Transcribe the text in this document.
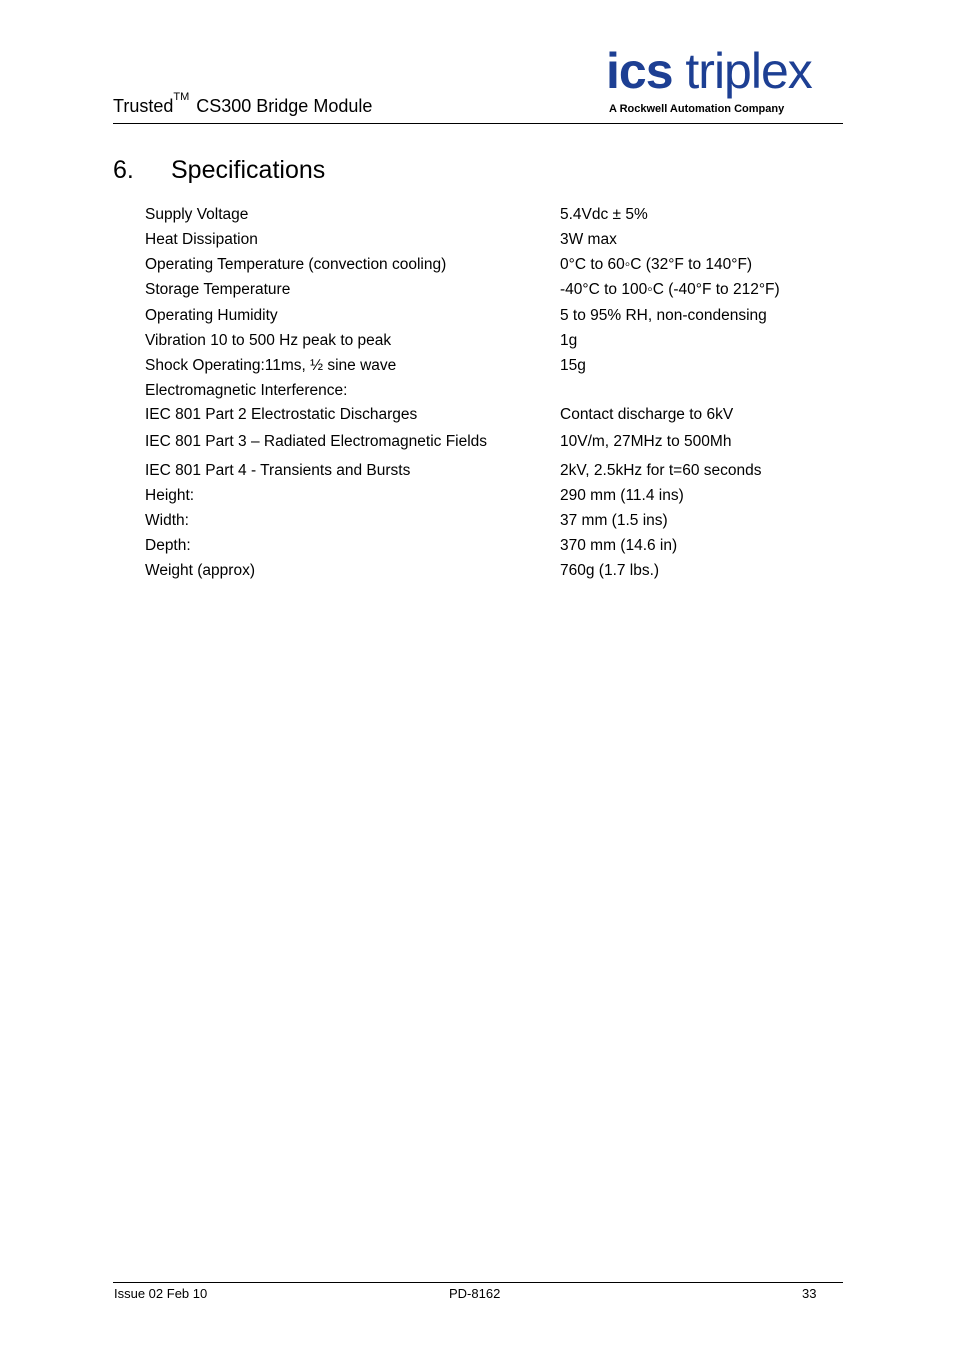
Trusted™ CS300 Bridge Module
ics triplex
A Rockwell Automation Company
6. Specifications
Supply Voltage	5.4Vdc ± 5%
Heat Dissipation	3W max
Operating Temperature (convection cooling)	0°C to 60◦C (32°F to 140°F)
Storage Temperature	-40°C to 100◦C (-40°F to 212°F)
Operating Humidity	5 to 95% RH, non-condensing
Vibration 10 to 500 Hz peak to peak	1g
Shock Operating:11ms, ½ sine wave	15g
Electromagnetic Interference:
IEC 801 Part 2 Electrostatic Discharges	Contact discharge to 6kV
IEC 801 Part 3 – Radiated Electromagnetic Fields	10V/m, 27MHz to 500Mh
IEC 801 Part 4 - Transients and Bursts	2kV, 2.5kHz for t=60 seconds
Height:	290 mm (11.4 ins)
Width:	37 mm (1.5 ins)
Depth:	370 mm (14.6 in)
Weight (approx)	760g (1.7 lbs.)
Issue 02 Feb 10	PD-8162	33
